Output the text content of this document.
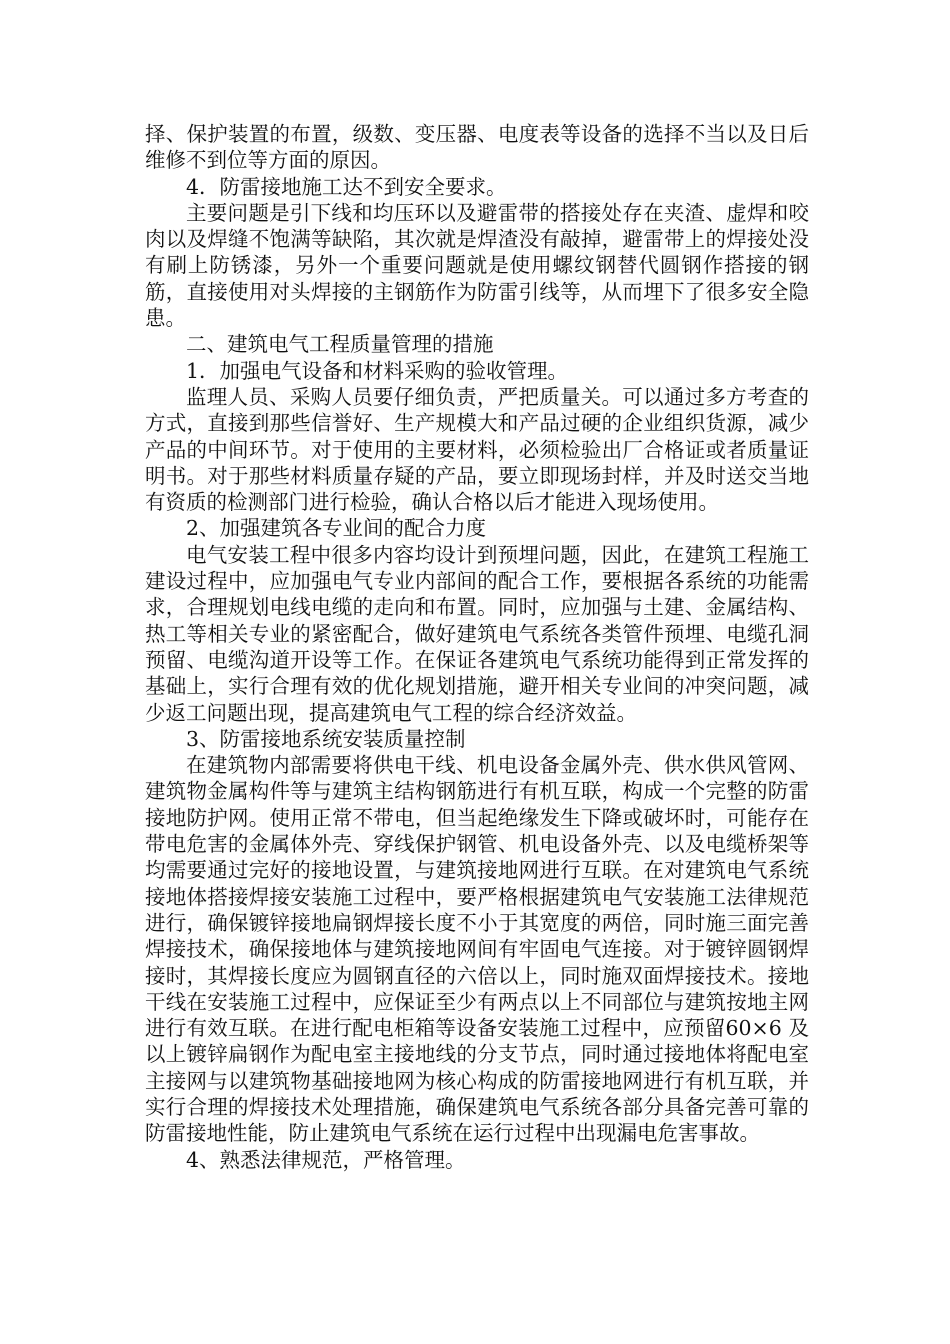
择、保护装置的布置，级数、变压器、电度表等设备的选择不当以及日后维修不到位等方面的原因。

4．防雷接地施工达不到安全要求。

主要问题是引下线和均压环以及避雷带的搭接处存在夹渣、虚焊和咬肉以及焊缝不饱满等缺陷，其次就是焊渣没有敲掉，避雷带上的焊接处没有刷上防锈漆，另外一个重要问题就是使用螺纹钢替代圆钢作搭接的钢筋，直接使用对头焊接的主钢筋作为防雷引线等，从而埋下了很多安全隐患。

二、建筑电气工程质量管理的措施

1．加强电气设备和材料采购的验收管理。

监理人员、采购人员要仔细负责，严把质量关。可以通过多方考查的方式，直接到那些信誉好、生产规模大和产品过硬的企业组织货源，减少产品的中间环节。对于使用的主要材料，必须检验出厂合格证或者质量证明书。对于那些材料质量存疑的产品，要立即现场封样，并及时送交当地有资质的检测部门进行检验，确认合格以后才能进入现场使用。

2、加强建筑各专业间的配合力度

电气安装工程中很多内容均设计到预埋问题，因此，在建筑工程施工建设过程中，应加强电气专业内部间的配合工作，要根据各系统的功能需求，合理规划电线电缆的走向和布置。同时，应加强与土建、金属结构、热工等相关专业的紧密配合，做好建筑电气系统各类管件预埋、电缆孔洞预留、电缆沟道开设等工作。在保证各建筑电气系统功能得到正常发挥的基础上，实行合理有效的优化规划措施，避开相关专业间的冲突问题，减少返工问题出现，提高建筑电气工程的综合经济效益。

3、防雷接地系统安装质量控制

在建筑物内部需要将供电干线、机电设备金属外壳、供水供风管网、建筑物金属构件等与建筑主结构钢筋进行有机互联，构成一个完整的防雷接地防护网。使用正常不带电，但当起绝缘发生下降或破坏时，可能存在带电危害的金属体外壳、穿线保护钢管、机电设备外壳、以及电缆桥架等均需要通过完好的接地设置，与建筑接地网进行互联。在对建筑电气系统接地体搭接焊接安装施工过程中，要严格根据建筑电气安装施工法律规范进行，确保镀锌接地扁钢焊接长度不小于其宽度的两倍，同时施三面完善焊接技术，确保接地体与建筑接地网间有牢固电气连接。对于镀锌圆钢焊接时，其焊接长度应为圆钢直径的六倍以上，同时施双面焊接技术。接地干线在安装施工过程中，应保证至少有两点以上不同部位与建筑按地主网进行有效互联。在进行配电柜箱等设备安装施工过程中，应预留60×6 及以上镀锌扁钢作为配电室主接地线的分支节点，同时通过接地体将配电室主接网与以建筑物基础接地网为核心构成的防雷接地网进行有机互联，并实行合理的焊接技术处理措施，确保建筑电气系统各部分具备完善可靠的防雷接地性能，防止建筑电气系统在运行过程中出现漏电危害事故。

4、熟悉法律规范，严格管理。
